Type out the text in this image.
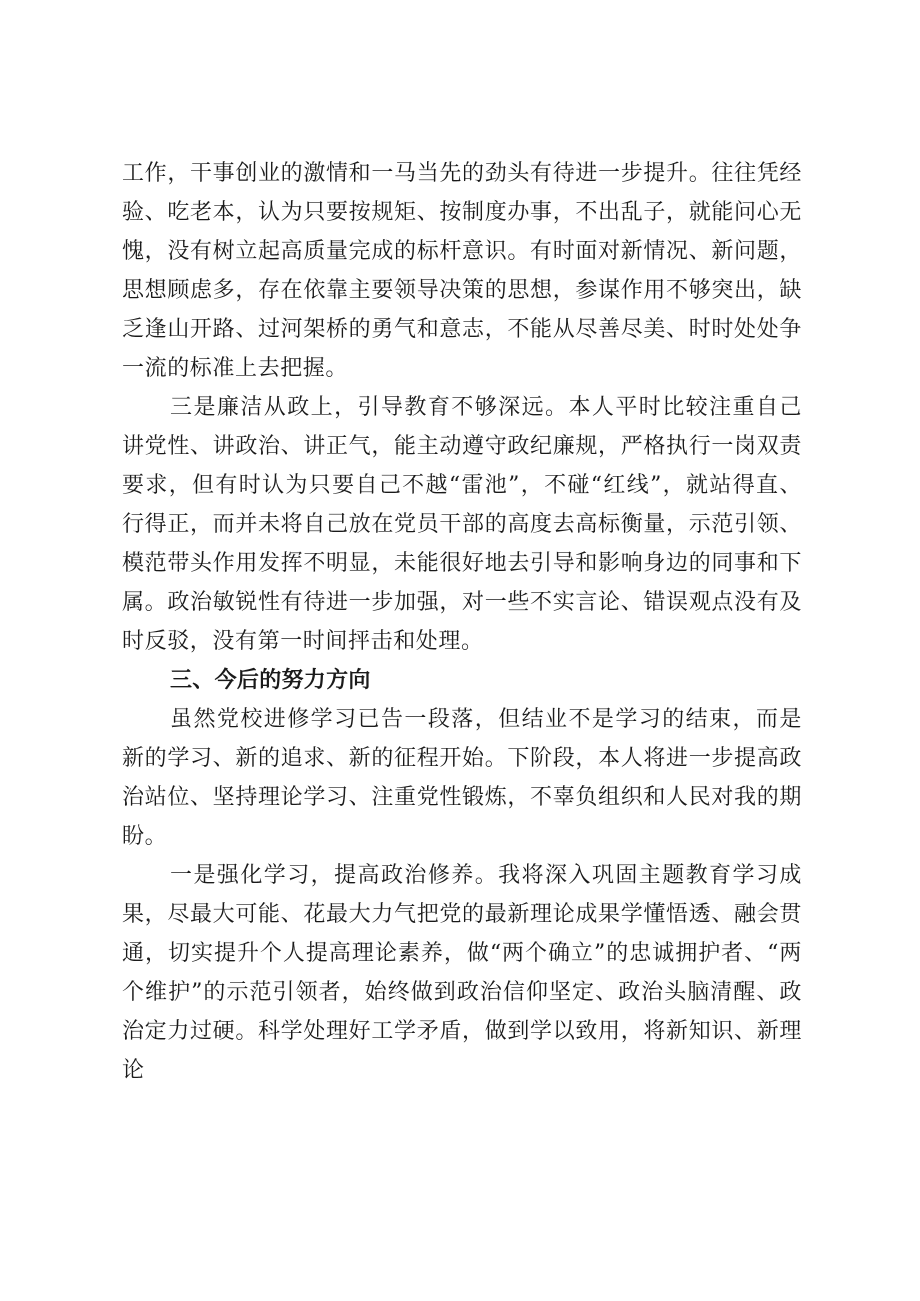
工作，干事创业的激情和一马当先的劲头有待进一步提升。往往凭经验、吃老本，认为只要按规矩、按制度办事，不出乱子，就能问心无愧，没有树立起高质量完成的标杆意识。有时面对新情况、新问题，思想顾虑多，存在依靠主要领导决策的思想，参谋作用不够突出，缺乏逢山开路、过河架桥的勇气和意志，不能从尽善尽美、时时处处争一流的标准上去把握。

三是廉洁从政上，引导教育不够深远。本人平时比较注重自己讲党性、讲政治、讲正气，能主动遵守政纪廉规，严格执行一岗双责要求，但有时认为只要自己不越“雷池”，不碰“红线”，就站得直、行得正，而并未将自己放在党员干部的高度去高标衡量，示范引领、模范带头作用发挥不明显，未能很好地去引导和影响身边的同事和下属。政治敏锐性有待进一步加强，对一些不实言论、错误观点没有及时反驳，没有第一时间抨击和处理。

三、今后的努力方向

虽然党校进修学习已告一段落，但结业不是学习的结束，而是新的学习、新的追求、新的征程开始。下阶段，本人将进一步提高政治站位、坚持理论学习、注重党性锻炼，不辜负组织和人民对我的期盼。

一是强化学习，提高政治修养。我将深入巩固主题教育学习成果，尽最大可能、花最大力气把党的最新理论成果学懂悟透、融会贯通，切实提升个人提高理论素养，做“两个确立”的忠诚拥护者、“两个维护”的示范引领者，始终做到政治信仰坚定、政治头脑清醒、政治定力过硬。科学处理好工学矛盾，做到学以致用，将新知识、新理论
